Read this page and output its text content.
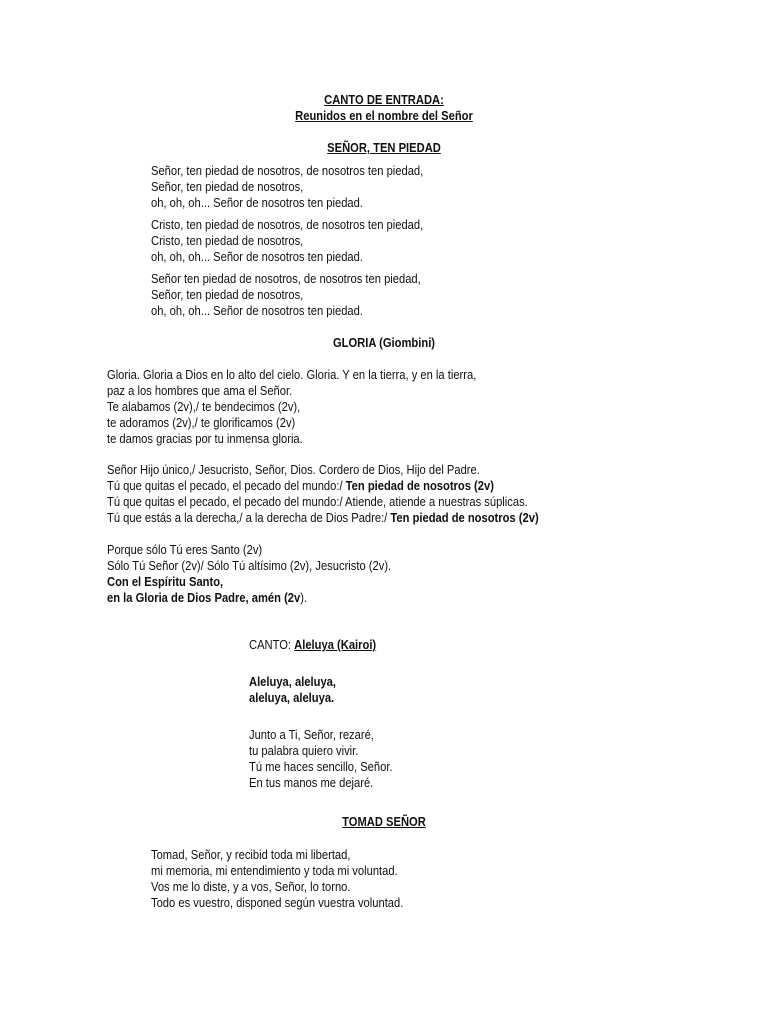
CANTO DE ENTRADA:
Reunidos en el nombre del Señor
SEÑOR, TEN PIEDAD
Señor, ten piedad de nosotros, de nosotros ten piedad,
Señor, ten piedad de nosotros,
oh, oh, oh... Señor de nosotros ten piedad.
Cristo, ten piedad de nosotros, de nosotros ten piedad,
Cristo, ten piedad de nosotros,
oh, oh, oh... Señor de nosotros ten piedad.
Señor ten piedad de nosotros, de nosotros ten piedad,
Señor, ten piedad de nosotros,
oh, oh, oh... Señor de nosotros ten piedad.
GLORIA (Giombini)
Gloria. Gloria a Dios en lo alto del cielo. Gloria. Y en la tierra, y en la tierra,
paz a los hombres que ama el Señor.
Te alabamos (2v),/ te bendecimos (2v),
te adoramos (2v),/ te glorificamos (2v)
te damos gracias por tu inmensa gloria.
Señor Hijo único,/ Jesucristo, Señor, Dios. Cordero de Dios, Hijo del Padre.
Tú que quitas el pecado, el pecado del mundo:/ Ten piedad de nosotros (2v)
Tú que quitas el pecado, el pecado del mundo:/ Atiende, atiende a nuestras súplicas.
Tú que estás a la derecha,/ a la derecha de Dios Padre:/ Ten piedad de nosotros (2v)
Porque sólo Tú eres Santo (2v)
Sólo Tú Señor (2v)/ Sólo Tú altísimo (2v), Jesucristo (2v).
Con el Espíritu Santo,
en la Gloria de Dios Padre, amén (2v).
CANTO: Aleluya (Kairoi)
Aleluya, aleluya,
aleluya, aleluya.
Junto a Ti, Señor, rezaré,
tu palabra quiero vivir.
Tú me haces sencillo, Señor.
En tus manos me dejaré.
TOMAD SEÑOR
Tomad, Señor, y recibid toda mi libertad,
mi memoria, mi entendimiento y toda mi voluntad.
Vos me lo diste, y a vos, Señor, lo torno.
Todo es vuestro, disponed según vuestra voluntad.
